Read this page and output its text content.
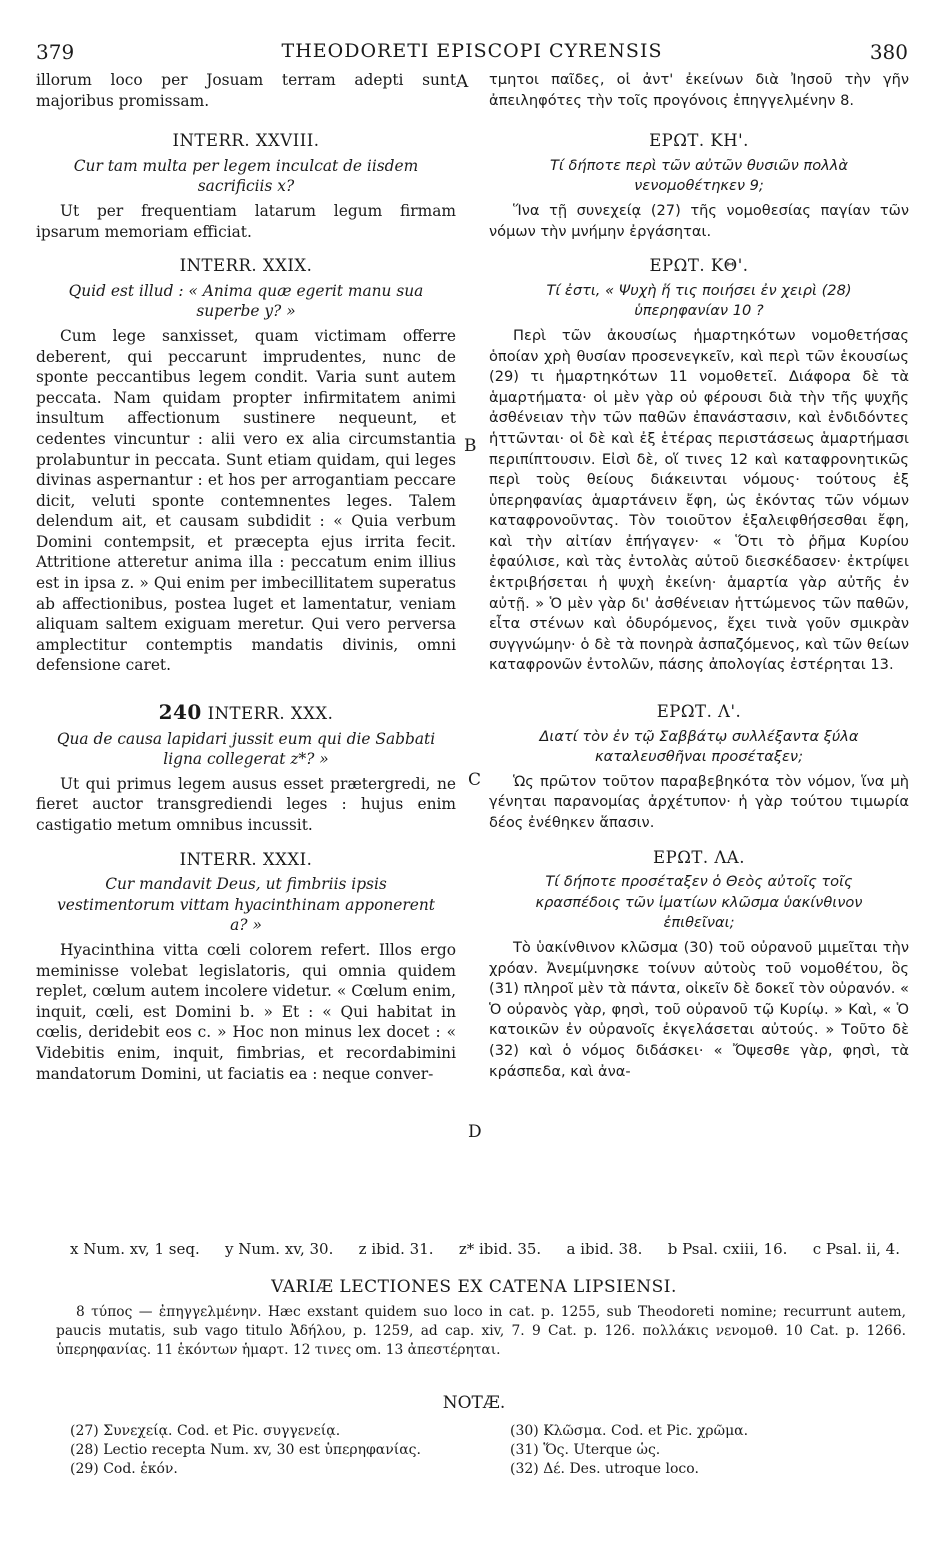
379	THEODORETI EPISCOPI CYRENSIS	380
A
B
C
D

illorum loco per Josuam terram adepti sunt majoribus promissam.

INTERR. XXVIII.
Cur tam multa per legem inculcat de iisdem sacrificiis x?

Ut per frequentiam latarum legum firmam ipsarum memoriam efficiat.

INTERR. XXIX.
Quid est illud : « Anima quæ egerit manu sua superbe y? »

Cum lege sanxisset, quam victimam offerre deberent, qui peccarunt imprudentes, nunc de sponte peccantibus legem condit. Varia sunt autem peccata. Nam quidam propter infirmitatem animi insultum affectionum sustinere nequeunt, et cedentes vincuntur : alii vero ex alia circumstantia prolabuntur in peccata. Sunt etiam quidam, qui leges divinas aspernantur : et hos per arrogantiam peccare dicit, veluti sponte contemnentes leges. Talem delendum ait, et causam subdidit : « Quia verbum Domini contempsit, et præcepta ejus irrita fecit. Attritione atteretur anima illa : peccatum enim illius est in ipsa z. » Qui enim per imbecillitatem superatus ab affectionibus, postea luget et lamentatur, veniam aliquam saltem exiguam meretur. Qui vero perversa amplectitur contemptis mandatis divinis, omni defensione caret.

240 INTERR. XXX.
Qua de causa lapidari jussit eum qui die Sabbati ligna collegerat z*? »

Ut qui primus legem ausus esset prætergredi, ne fieret auctor transgrediendi leges : hujus enim castigatio metum omnibus incussit.

INTERR. XXXI.
Cur mandavit Deus, ut fimbriis ipsis vestimentorum vittam hyacinthinam apponerent a? »

Hyacinthina vitta cœli colorem refert. Illos ergo meminisse volebat legislatoris, qui omnia quidem replet, cœlum autem incolere videtur. « Cœlum enim, inquit, cœli, est Domini b. » Et : « Qui habitat in cœlis, deridebit eos c. » Hoc non minus lex docet : « Videbitis enim, inquit, fimbrias, et recordabimini mandatorum Domini, ut faciatis ea : neque conver-

τμητοι παῖδες, οἱ ἀντ' ἐκείνων διὰ Ἰησοῦ τὴν γῆν ἀπειληφότες τὴν τοῖς προγόνοις ἐπηγγελμένην 8.

ΕΡΩΤ. ΚΗ'.
Τί δήποτε περὶ τῶν αὐτῶν θυσιῶν πολλὰ νενομοθέτηκεν 9;

Ἵνα τῇ συνεχείᾳ (27) τῆς νομοθεσίας παγίαν τῶν νόμων τὴν μνήμην ἐργάσηται.

ΕΡΩΤ. ΚΘ'.
Τί ἐστι, « Ψυχὴ ἥ τις ποιήσει ἐν χειρὶ (28) ὑπερηφανίαν 10 ?

Περὶ τῶν ἀκουσίως ἡμαρτηκότων νομοθετήσας ὁποίαν χρὴ θυσίαν προσενεγκεῖν, καὶ περὶ τῶν ἑκουσίως (29) τι ἡμαρτηκότων 11 νομοθετεῖ. Διάφορα δὲ τὰ ἁμαρτήματα· οἱ μὲν γὰρ οὐ φέρουσι διὰ τὴν τῆς ψυχῆς ἀσθένειαν τὴν τῶν παθῶν ἐπανάστασιν, καὶ ἐνδιδόντες ἡττῶνται· οἱ δὲ καὶ ἐξ ἑτέρας περιστάσεως ἁμαρτήμασι περιπίπτουσιν. Εἰσὶ δὲ, οἵ τινες 12 καὶ καταφρονητικῶς περὶ τοὺς θείους διάκεινται νόμους· τούτους ἐξ ὑπερηφανίας ἁμαρτάνειν ἔφη, ὡς ἑκόντας τῶν νόμων καταφρονοῦντας. Τὸν τοιοῦτον ἐξαλειφθήσεσθαι ἔφη, καὶ τὴν αἰτίαν ἐπήγαγεν· « Ὅτι τὸ ῥῆμα Κυρίου ἐφαύλισε, καὶ τὰς ἐντολὰς αὐτοῦ διεσκέδασεν· ἐκτρίψει ἐκτριβήσεται ἡ ψυχὴ ἐκείνη· ἁμαρτία γὰρ αὐτῆς ἐν αὐτῇ. » Ὁ μὲν γὰρ δι' ἀσθένειαν ἡττώμενος τῶν παθῶν, εἶτα στένων καὶ ὀδυρόμενος, ἔχει τινὰ γοῦν σμικρὰν συγγνώμην· ὁ δὲ τὰ πονηρὰ ἀσπαζόμενος, καὶ τῶν θείων καταφρονῶν ἐντολῶν, πάσης ἀπολογίας ἐστέρηται 13.

ΕΡΩΤ. Λ'.
Διατί τὸν ἐν τῷ Σαββάτῳ συλλέξαντα ξύλα καταλευσθῆναι προσέταξεν;

Ὡς πρῶτον τοῦτον παραβεβηκότα τὸν νόμον, ἵνα μὴ γένηται παρανομίας ἀρχέτυπον· ἡ γὰρ τούτου τιμωρία δέος ἐνέθηκεν ἅπασιν.

ΕΡΩΤ. ΛΑ.
Τί δήποτε προσέταξεν ὁ Θεὸς αὐτοῖς τοῖς κρασπέδοις τῶν ἱματίων κλῶσμα ὑακίνθινον ἐπιθεῖναι;

Τὸ ὑακίνθινον κλῶσμα (30) τοῦ οὐρανοῦ μιμεῖται τὴν χρόαν. Ἀνεμίμνησκε τοίνυν αὐτοὺς τοῦ νομοθέτου, ὃς (31) πληροῖ μὲν τὰ πάντα, οἰκεῖν δὲ δοκεῖ τὸν οὐρανόν. « Ὁ οὐρανὸς γὰρ, φησὶ, τοῦ οὐρανοῦ τῷ Κυρίῳ. » Καὶ, « Ὁ κατοικῶν ἐν οὐρανοῖς ἐκγελάσεται αὐτούς. » Τοῦτο δὲ (32) καὶ ὁ νόμος διδάσκει· « Ὄψεσθε γὰρ, φησὶ, τὰ κράσπεδα, καὶ ἀνα-

x Num. xv, 1 seq. y Num. xv, 30. z ibid. 31. z* ibid. 35. a ibid. 38. b Psal. cxiii, 16. c Psal. ii, 4.
VARIÆ LECTIONES EX CATENA LIPSIENSI.

8 τύπος — ἐπηγγελμένην. Hæc exstant quidem suo loco in cat. p. 1255, sub Theodoreti nomine; recurrunt autem, paucis mutatis, sub vago titulo Ἀδήλου, p. 1259, ad cap. xiv, 7. 9 Cat. p. 126. πολλάκις νενομοθ. 10 Cat. p. 1266. ὑπερηφανίας. 11 ἑκόντων ἡμαρτ. 12 τινες om. 13 ἀπεστέρηται.

NOTÆ.
(27) Συνεχείᾳ. Cod. et Pic. συγγενείᾳ.
(28) Lectio recepta Num. xv, 30 est ὑπερηφανίας.
(29) Cod. ἑκόν.
(30) Κλῶσμα. Cod. et Pic. χρῶμα.
(31) Ὅς. Uterque ὡς.
(32) Δέ. Des. utroque loco.
